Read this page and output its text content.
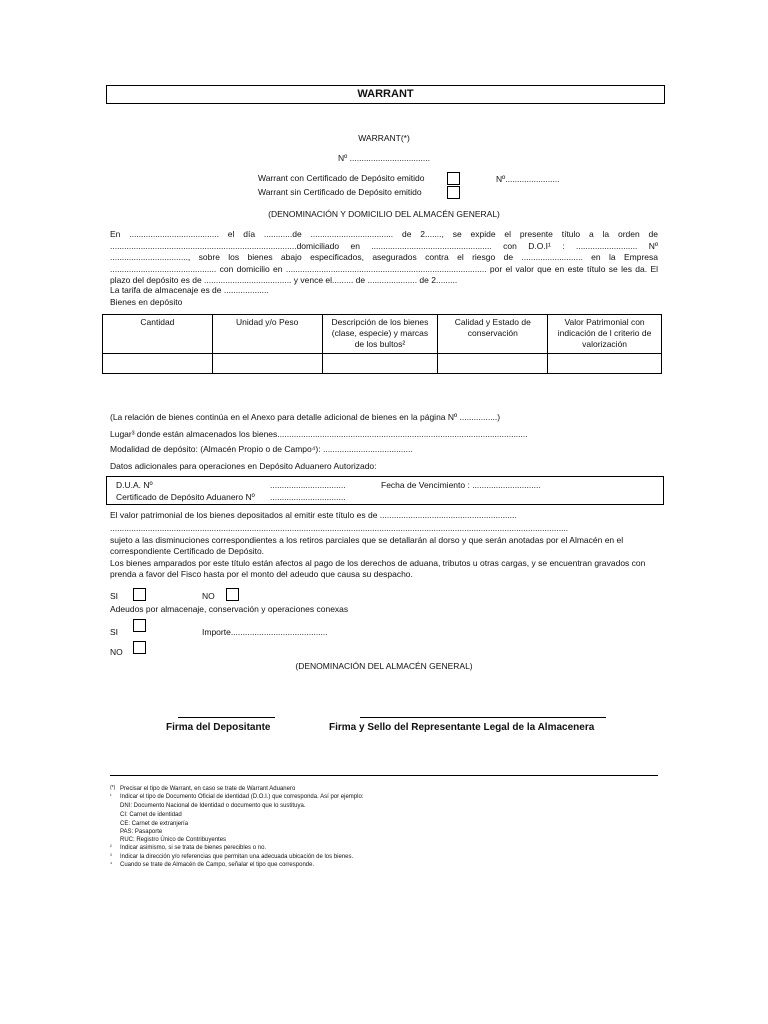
WARRANT
WARRANT(*)
Nº ..................................
Warrant con Certificado de Depósito emitido	Nº.......................
Warrant sin Certificado de Depósito emitido
(DENOMINACIÓN Y DOMICILIO DEL ALMACÉN GENERAL)
En ...................................... el día ............de ................................... de 2......., se expide el presente título a la orden de ...............................................................................domiciliado en ................................................... con D.O.I¹ : .......................... Nº ................................., sobre los bienes abajo especificados, asegurados contra el riesgo de .......................... en la Empresa ............................................. con domicilio en ..................................................................................... por el valor que en este título se les da. El plazo del depósito es de ..................................... y vence el......... de ..................... de 2.........
La tarifa de almacenaje es de ...................
Bienes en depósito
Cantidad	Unidad y/o Peso	Descripción de los bienes (clase, especie) y marcas de los bultos²	Calidad y Estado de conservación	Valor Patrimonial con indicación de l criterio de valorización

(La relación de bienes continúa en el Anexo para detalle adicional de bienes en la página Nº ................)
Lugar³ donde están almacenados los bienes..........................................................................................................
Modalidad de depósito: (Almacén Propio o de Campo⁴): ......................................
Datos adicionales para operaciones en Depósito Aduanero Autorizado:
D.U.A. Nº	................................	Fecha de Vencimiento : .............................
Certificado de Depósito Aduanero Nº ................................
El valor patrimonial de los bienes depositados al emitir este título es de ..........................................................
..................................................................................................................................................................................................
sujeto a las disminuciones correspondientes a los retiros parciales que se detallarán al dorso y que serán anotadas por el Almacén en el correspondiente Certificado de Depósito.
Los bienes amparados por este título están afectos al pago de los derechos de aduana, tributos u otras cargas, y se encuentran gravados con prenda a favor del Fisco hasta por el monto del adeudo que causa su despacho.
SI	NO
Adeudos por almacenaje, conservación y operaciones conexas
SI	Importe.........................................
NO
(DENOMINACIÓN DEL ALMACÉN GENERAL)
Firma del Depositante	Firma y Sello del Representante Legal de la Almacenera
(*) Precisar el tipo de Warrant, en caso se trate de Warrant Aduanero
¹ Indicar el tipo de Documento Oficial de identidad (D.O.I.) que corresponda. Así por ejemplo:
DNI: Documento Nacional de Identidad o documento que lo sustituya.
CI: Carnet de identidad
CE: Carnet de extranjería
PAS: Pasaporte
RUC: Registro Único de Contribuyentes
² Indicar asimismo, si se trata de bienes perecibles o no.
³ Indicar la dirección y/o referencias que permitan una adecuada ubicación de los bienes.
⁴ Cuando se trate de Almacén de Campo, señalar el tipo que corresponde.
